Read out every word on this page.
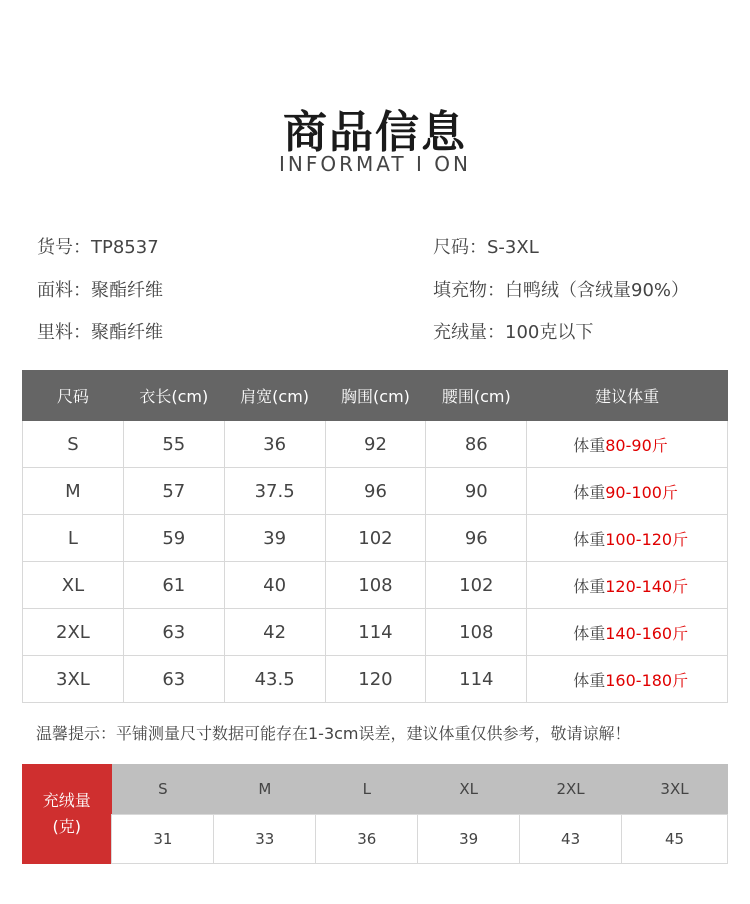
商品信息
INFORMAT I ON
货号：TP8537	尺码：S-3XL
面料：聚酯纤维	填充物：白鸭绒（含绒量90%）
里料：聚酯纤维	充绒量：100克以下
尺码	衣长(cm)	肩宽(cm)	胸围(cm)	腰围(cm)	建议体重
S	55	36	92	86	体重80-90斤
M	57	37.5	96	90	体重90-100斤
L	59	39	102	96	体重100-120斤
XL	61	40	108	102	体重120-140斤
2XL	63	42	114	108	体重140-160斤
3XL	63	43.5	120	114	体重160-180斤
温馨提示：平铺测量尺寸数据可能存在1-3cm误差，建议体重仅供参考，敬请谅解！
充绒量
(克)	S	M	L	XL	2XL	3XL
	31	33	36	39	43	45
